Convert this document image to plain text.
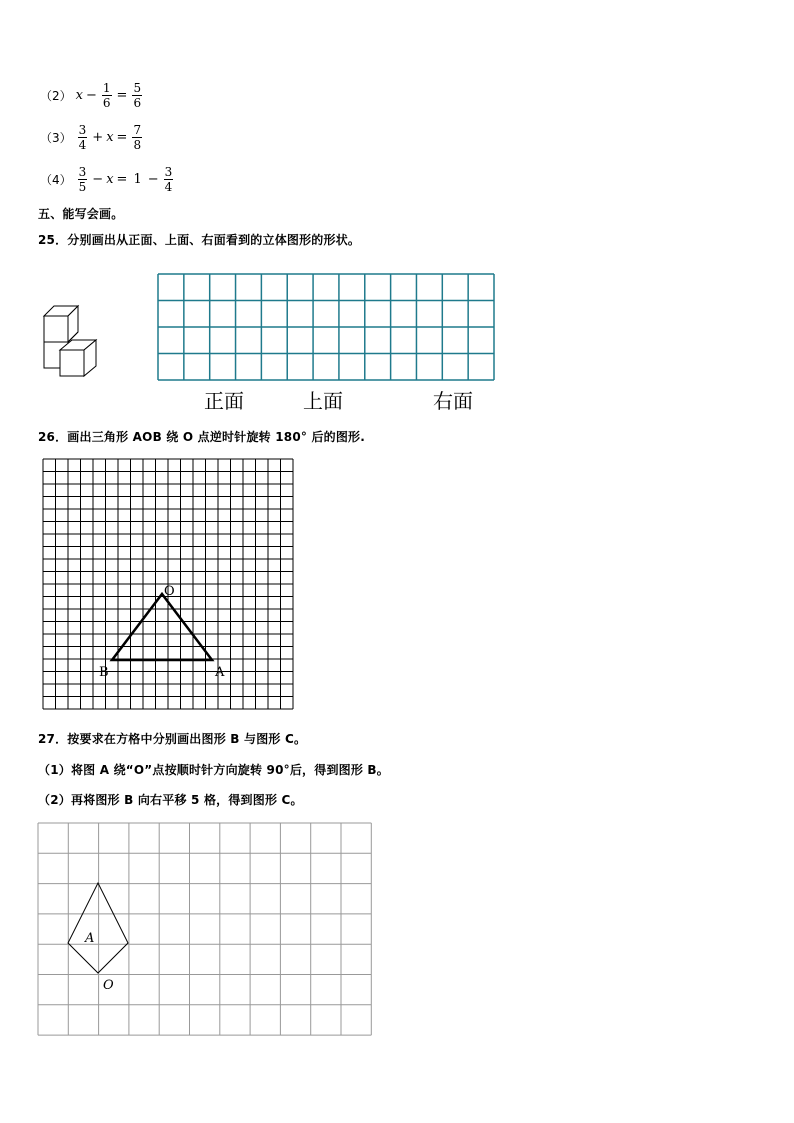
（2） $x - \frac{1}{6} = \frac{5}{6}$
$(3) \frac{3}{4} + x = \frac{7}{8}$
$(4) \frac{3}{5} - x = 1 - \frac{3}{4}$
五、能写会画。
25．分别画出从正面、上面、右面看到的立体图形的形状。
正面	上面	右面
26．画出三角形 AOB 绕 O 点逆时针旋转 180° 后的图形.
O
B	A
27．按要求在方格中分别画出图形 B 与图形 C。
（1）将图 A 绕“O”点按顺时针方向旋转 90°后，得到图形 B。
（2）再将图形 B 向右平移 5 格，得到图形 C。
A
O
